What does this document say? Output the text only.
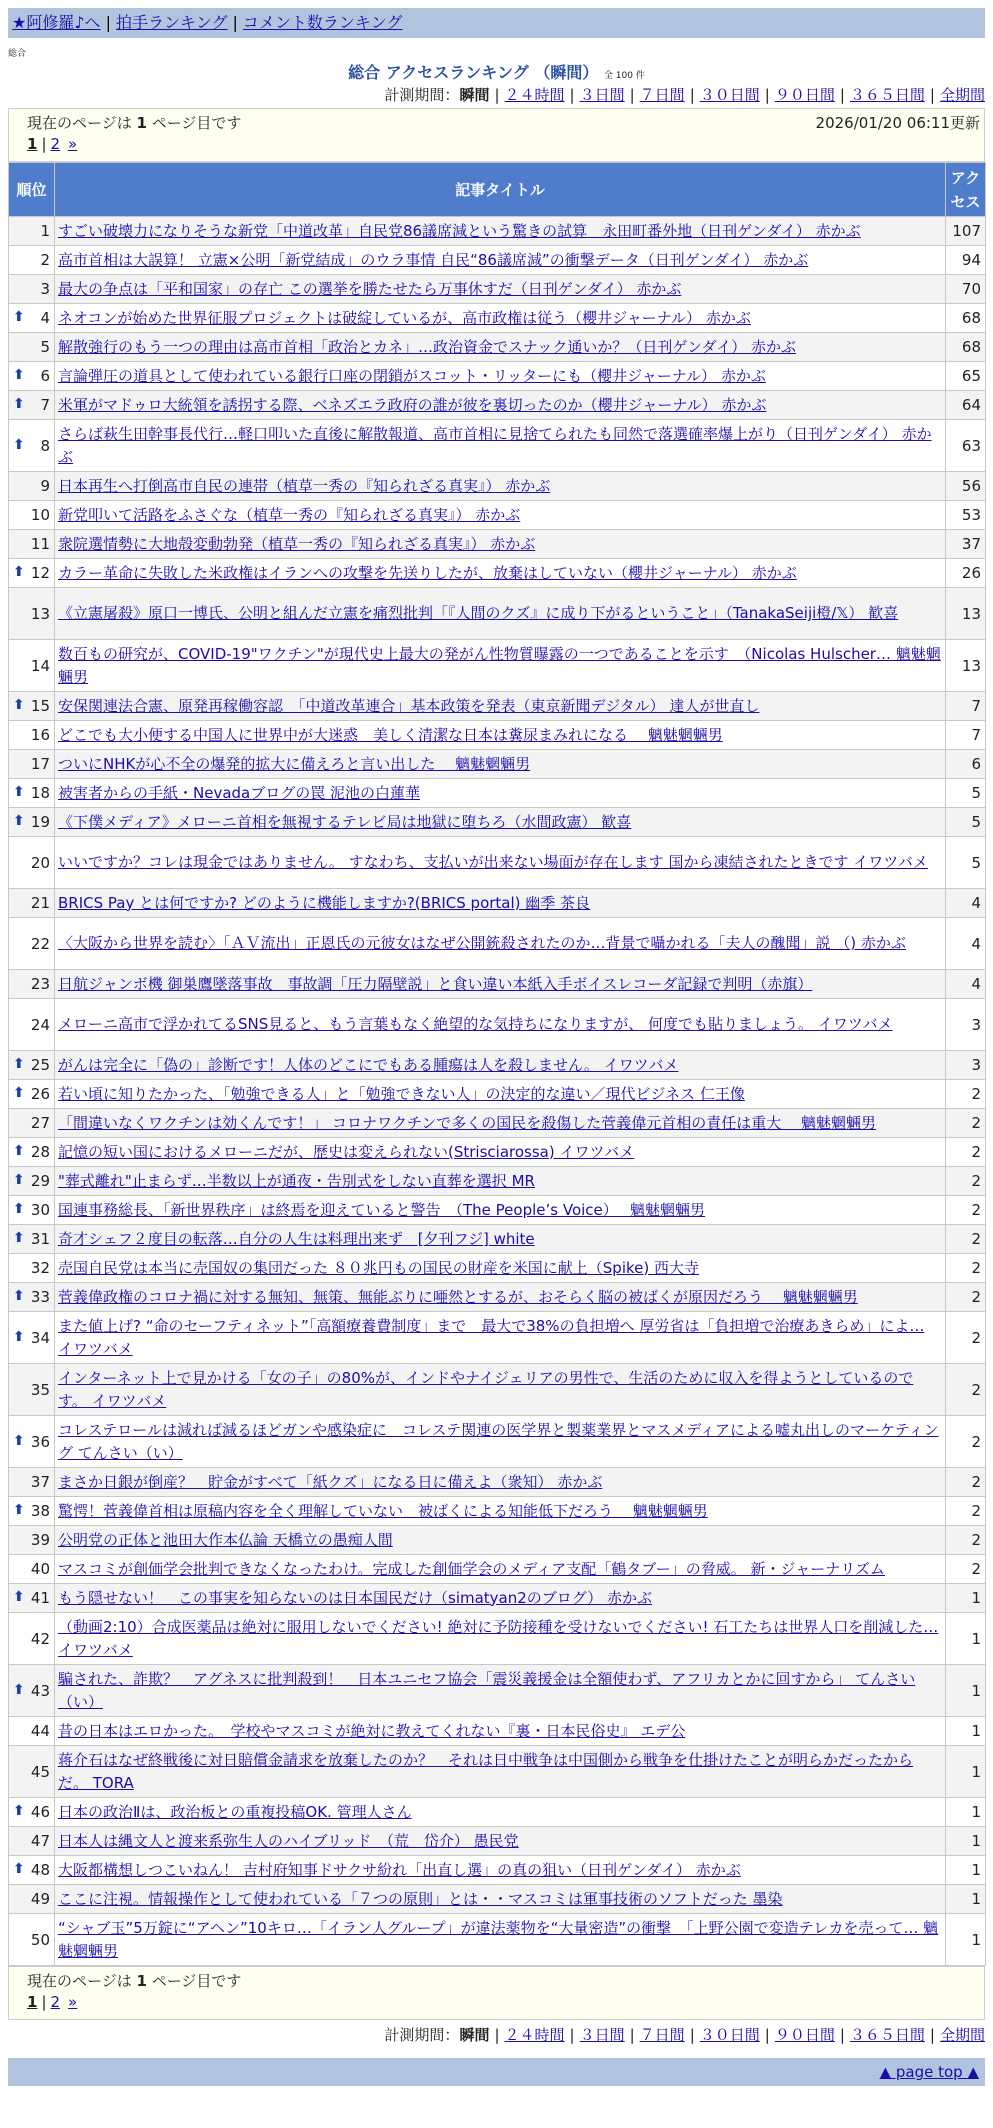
★阿修羅♪へ | 拍手ランキング | コメント数ランキング
総合
総合 アクセスランキング （瞬間） 全 100 件
計測期間：瞬間 | ２４時間 | ３日間 | ７日間 | ３０日間 | ９０日間 | ３６５日間 | 全期間
現在のページは 1 ページ目です	2026/01/20 06:11更新
1 | 2 »
順位	記事タイトル	アクセス
1	すごい破壊力になりそうな新党「中道改革」自民党86議席減という驚きの試算　永田町番外地（日刊ゲンダイ） 赤かぶ	107
2	高市首相は大誤算！ 立憲×公明「新党結成」のウラ事情 自民“86議席減”の衝撃データ（日刊ゲンダイ） 赤かぶ	94
3	最大の争点は「平和国家」の存亡 この選挙を勝たせたら万事休すだ（日刊ゲンダイ） 赤かぶ	70

⬆ 4	ネオコンが始めた世界征服プロジェクトは破綻しているが、高市政権は従う（櫻井ジャーナル） 赤かぶ	68
5	解散強行のもう一つの理由は高市首相「政治とカネ」…政治資金でスナック通いか？（日刊ゲンダイ） 赤かぶ	68

⬆ 6	言論弾圧の道具として使われている銀行口座の閉鎖がスコット・リッターにも（櫻井ジャーナル） 赤かぶ	65

⬆ 7	米軍がマドゥロ大統領を誘拐する際、ベネズエラ政府の誰が彼を裏切ったのか（櫻井ジャーナル） 赤かぶ	64

⬆ 8	さらば萩生田幹事長代行…軽口叩いた直後に解散報道、高市首相に見捨てられたも同然で落選確率爆上がり（日刊ゲンダイ） 赤かぶ	63
9	日本再生へ打倒高市自民の連帯（植草一秀の『知られざる真実』） 赤かぶ	56
10	新党叩いて活路をふさぐな（植草一秀の『知られざる真実』） 赤かぶ	53
11	衆院選情勢に大地殻変動勃発（植草一秀の『知られざる真実』） 赤かぶ	37

⬆ 12	カラー革命に失敗した米政権はイランへの攻撃を先送りしたが、放棄はしていない（櫻井ジャーナル） 赤かぶ	26
13	《立憲屠殺》原口一博氏、公明と組んだ立憲を痛烈批判「『人間のクズ』に成り下がるということ」（TanakaSeiji橙/𝕏） 歓喜	13
14	数百もの研究が、COVID-19"ワクチン"が現代史上最大の発がん性物質曝露の一つであることを示す　（Nicolas Hulscher… 魑魅魍魎男	13

⬆ 15	安保関連法合憲、原発再稼働容認　「中道改革連合」基本政策を発表（東京新聞デジタル） 達人が世直し	7
16	どこでも大小便する中国人に世界中が大迷惑　美しく清潔な日本は糞尿まみれになる　 魑魅魍魎男	7
17	ついにNHKが心不全の爆発的拡大に備えろと言い出した　 魑魅魍魎男	6

⬆ 18	被害者からの手紙・Nevadaブログの罠 泥池の白蓮華	5

⬆ 19	《下僕メディア》メローニ首相を無視するテレビ局は地獄に堕ちろ（水間政憲） 歓喜	5
20	いいですか？コレは現金ではありません。 すなわち、支払いが出来ない場面が存在します 国から凍結されたときです イワツバメ	5
21	BRICS Pay とは何ですか? どのように機能しますか?(BRICS portal) 幽季 茶良	4
22	〈大阪から世界を読む〉「ＡＶ流出」正恩氏の元彼女はなぜ公開銃殺されたのか…背景で囁かれる「夫人の醜聞」説 （) 赤かぶ	4
23	日航ジャンボ機 御巣鷹墜落事故　事故調「圧力隔壁説」と食い違い本紙入手ボイスレコーダ記録で判明（赤旗）	4
24	メローニ高市で浮かれてるSNS見ると、もう言葉もなく絶望的な気持ちになりますが、 何度でも貼りましょう。 イワツバメ	3

⬆ 25	がんは完全に「偽の」診断です！人体のどこにでもある腫瘍は人を殺しません。 イワツバメ	3

⬆ 26	若い頃に知りたかった、「勉強できる人」と「勉強できない人」の決定的な違い／現代ビジネス 仁王像	2
27	「間違いなくワクチンは効くんです！」 コロナワクチンで多くの国民を殺傷した菅義偉元首相の責任は重大　 魑魅魍魎男	2

⬆ 28	記憶の短い国におけるメローニだが、歴史は変えられない(Strisciarossa) イワツバメ	2

⬆ 29	"葬式離れ"止まらず…半数以上が通夜・告別式をしない直葬を選択 MR	2

⬆ 30	国連事務総長、「新世界秩序」は終焉を迎えていると警告　（The People’s Voice）　 魑魅魍魎男	2

⬆ 31	奇才シェフ２度目の転落…自分の人生は料理出来ず　[夕刊フジ] white	2
32	売国自民党は本当に売国奴の集団だった ８０兆円もの国民の財産を米国に献上（Spike) 西大寺	2

⬆ 33	菅義偉政権のコロナ禍に対する無知、無策、無能ぶりに唖然とするが、おそらく脳の被ばくが原因だろう　 魑魅魍魎男	2

⬆ 34	また値上げ? “命のセーフティネット”「高額療養費制度」まで　最大で38%の負担増へ 厚労省は「負担増で治療あきらめ」によ… イワツバメ	2
35	インターネット上で見かける「女の子」の80%が、インドやナイジェリアの男性で、生活のために収入を得ようとしているのです。 イワツバメ	2

⬆ 36	コレステロールは減れば減るほどガンや感染症に　コレステ関連の医学界と製薬業界とマスメディアによる嘘丸出しのマーケティング てんさい（い）	2
37	まさか日銀が倒産？　貯金がすべて「紙クズ」になる日に備えよ（衆知） 赤かぶ	2

⬆ 38	驚愕！菅義偉首相は原稿内容を全く理解していない　被ばくによる知能低下だろう　 魑魅魍魎男	2
39	公明党の正体と池田大作本仏論 天橋立の愚痴人間	2
40	マスコミが創価学会批判できなくなったわけ。完成した創価学会のメディア支配「鶴タブー」の脅威。 新・ジャーナリズム	2

⬆ 41	もう隠せない！　この事実を知らないのは日本国民だけ（simatyan2のブログ） 赤かぶ	1
42	（動画2:10）合成医薬品は絶対に服用しないでください! 絶対に予防接種を受けないでください! 石工たちは世界人口を削減した… イワツバメ	1

⬆ 43	騙された、詐欺？　アグネスに批判殺到！　日本ユニセフ協会「震災義援金は全額使わず、アフリカとかに回すから」 てんさい（い）	1
44	昔の日本はエロかった。　学校やマスコミが絶対に教えてくれない『裏・日本民俗史』 エデ公	1
45	蒋介石はなぜ終戦後に対日賠償金請求を放棄したのか？　それは日中戦争は中国側から戦争を仕掛けたことが明らかだったからだ。 TORA	1

⬆ 46	日本の政治Ⅱは、政治板との重複投稿OK. 管理人さん	1
47	日本人は縄文人と渡来系弥生人のハイブリッド　（荒　岱介） 愚民党	1

⬆ 48	大阪都構想しつこいねん！ 吉村府知事ドサクサ紛れ「出直し選」の真の狙い（日刊ゲンダイ） 赤かぶ	1
49	ここに注視。情報操作として使われている「７つの原則」とは・・マスコミは軍事技術のソフトだった 墨染	1
50	“シャブ玉”5万錠に“アヘン”10キロ…「イラン人グループ」が違法薬物を“大量密造”の衝撃　「上野公園で変造テレカを売って… 魑魅魍魎男	1
現在のページは 1 ページ目です
1 | 2 »
計測期間：瞬間 | ２４時間 | ３日間 | ７日間 | ３０日間 | ９０日間 | ３６５日間 | 全期間
▲ page top ▲
